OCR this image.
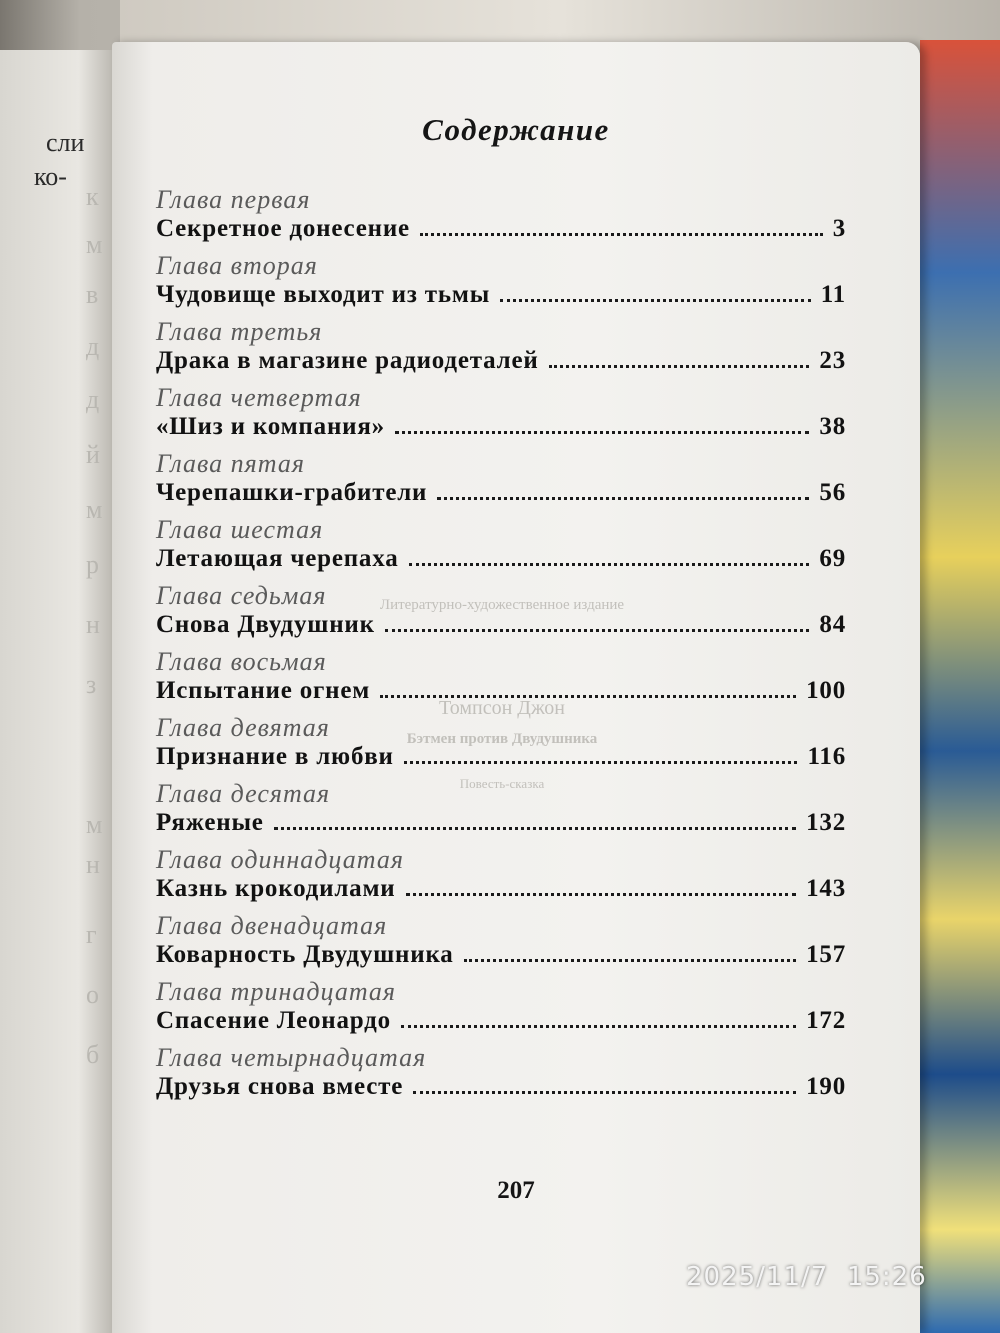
сли
ко-
к
м
в
д
д
й
м
р
н
з
м
н
г
о
б
Содержание
Литературно-художественное издание
Томпсон Джон
Бэтмен против Двудушника
Повесть-сказка
Глава первая
Секретное донесение	3
Глава вторая
Чудовище выходит из тьмы	11
Глава третья
Драка в магазине радиодеталей	23
Глава четвертая
«Шиз и компания»	38
Глава пятая
Черепашки-грабители	56
Глава шестая
Летающая черепаха	69
Глава седьмая
Снова Двудушник	84
Глава восьмая
Испытание огнем	100
Глава девятая
Признание в любви	116
Глава десятая
Ряженые	132
Глава одиннадцатая
Казнь крокодилами	143
Глава двенадцатая
Коварность Двудушника	157
Глава тринадцатая
Спасение Леонардо	172
Глава четырнадцатая
Друзья снова вместе	190
207
2025/11/7  15:26
